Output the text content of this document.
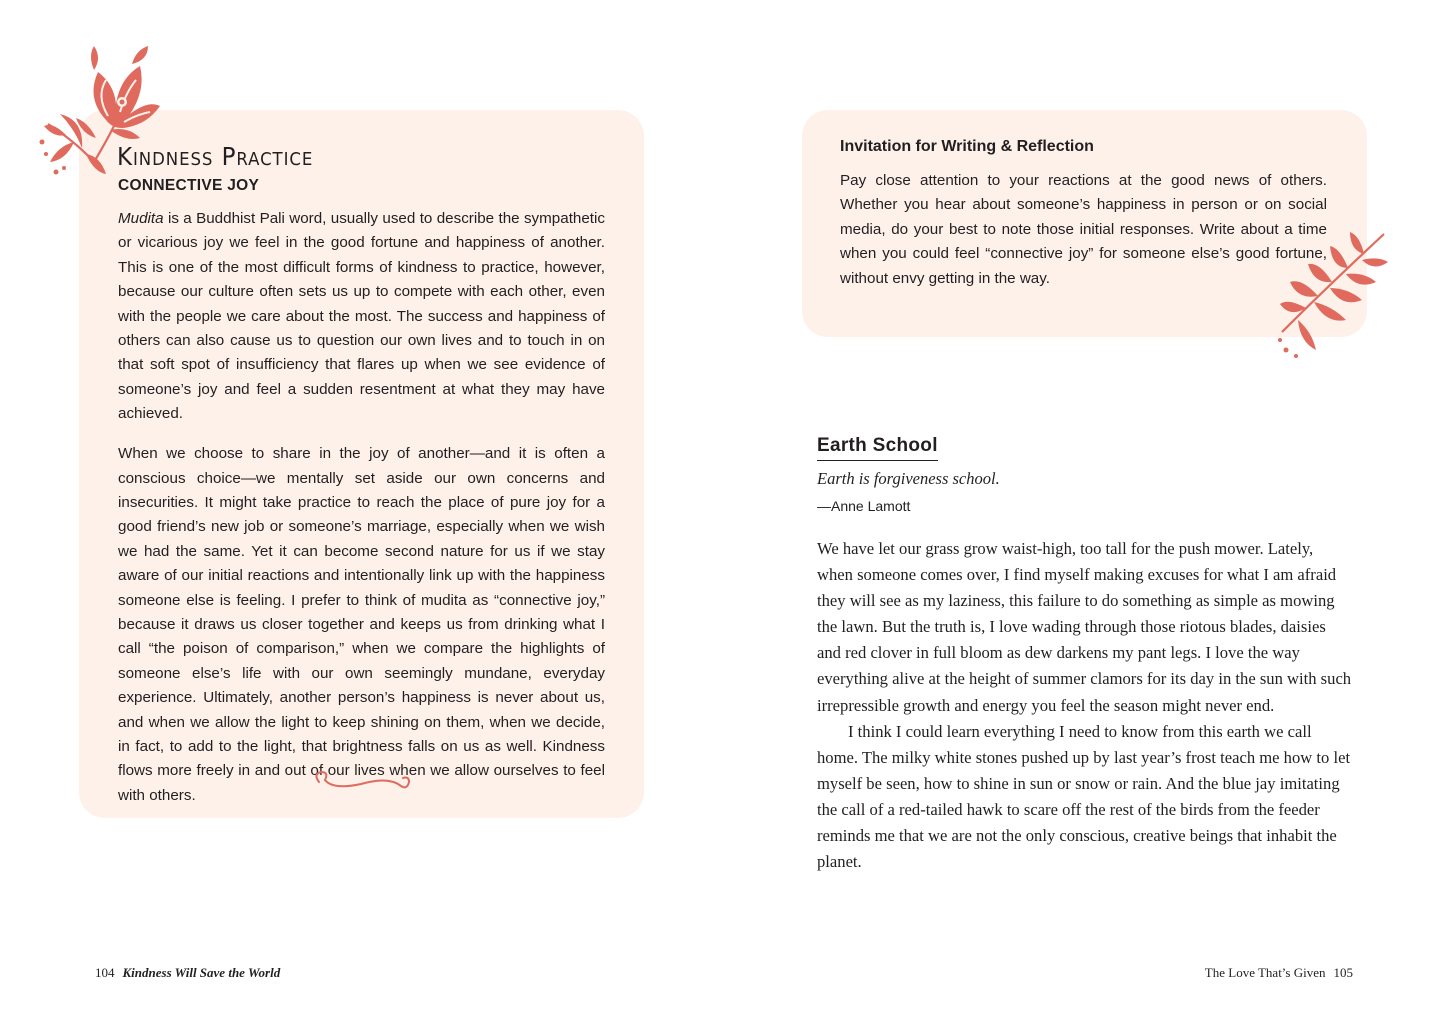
Kindness Practice
CONNECTIVE JOY

Mudita is a Buddhist Pali word, usually used to describe the sympathetic or vicarious joy we feel in the good fortune and happiness of another. This is one of the most difficult forms of kindness to practice, however, because our culture often sets us up to compete with each other, even with the people we care about the most. The success and happiness of others can also cause us to question our own lives and to touch in on that soft spot of insufficiency that flares up when we see evidence of someone’s joy and feel a sudden resentment at what they may have achieved.

When we choose to share in the joy of another—and it is often a conscious choice—we mentally set aside our own concerns and insecurities. It might take practice to reach the place of pure joy for a good friend’s new job or someone’s marriage, especially when we wish we had the same. Yet it can become second nature for us if we stay aware of our initial reactions and intentionally link up with the happiness someone else is feeling. I prefer to think of mudita as “connective joy,” because it draws us closer together and keeps us from drinking what I call “the poison of comparison,” when we compare the highlights of someone else’s life with our own seemingly mundane, everyday experience. Ultimately, another person’s happiness is never about us, and when we allow the light to keep shining on them, when we decide, in fact, to add to the light, that brightness falls on us as well. Kindness flows more freely in and out of our lives when we allow ourselves to feel with others.

Invitation for Writing & Reflection
Pay close attention to your reactions at the good news of others. Whether you hear about someone’s happiness in person or on social media, do your best to note those initial responses. Write about a time when you could feel “connective joy” for someone else’s good fortune, without envy getting in the way.
Earth School
Earth is forgiveness school.
—Anne Lamott

We have let our grass grow waist-high, too tall for the push mower. Lately, when someone comes over, I find myself making excuses for what I am afraid they will see as my laziness, this failure to do something as simple as mowing the lawn. But the truth is, I love wading through those riotous blades, daisies and red clover in full bloom as dew darkens my pant legs. I love the way everything alive at the height of summer clamors for its day in the sun with such irrepressible growth and energy you feel the season might never end.

I think I could learn everything I need to know from this earth we call home. The milky white stones pushed up by last year’s frost teach me how to let myself be seen, how to shine in sun or snow or rain. And the blue jay imitating the call of a red-tailed hawk to scare off the rest of the birds from the feeder reminds me that we are not the only conscious, creative beings that inhabit the planet.

104 Kindness Will Save the World	The Love That’s Given 105
